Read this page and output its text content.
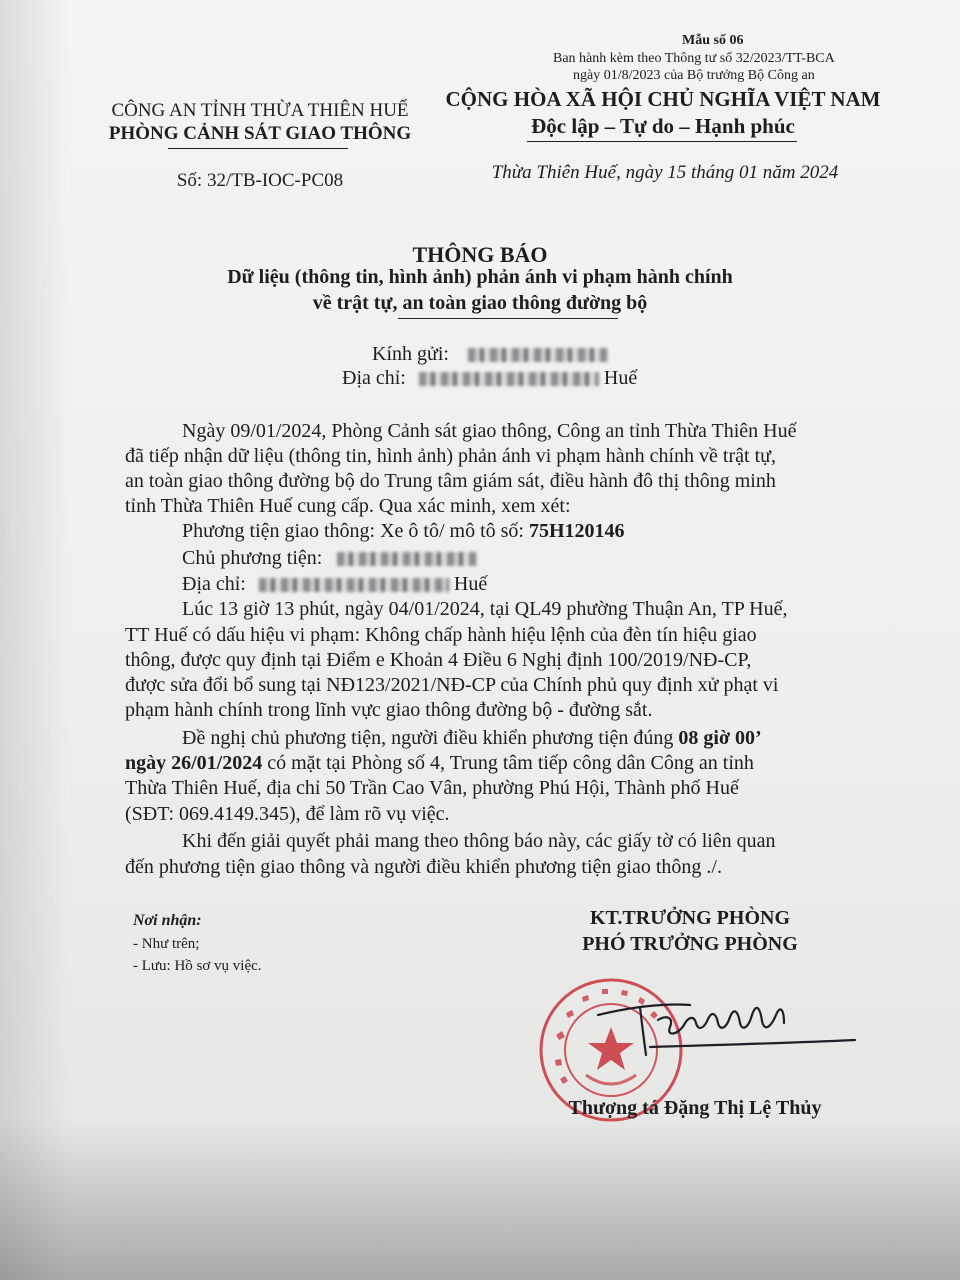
Mẫu số 06
Ban hành kèm theo Thông tư số 32/2023/TT-BCA
ngày 01/8/2023 của Bộ trưởng Bộ Công an
CÔNG AN TỈNH THỪA THIÊN HUẾ
PHÒNG CẢNH SÁT GIAO THÔNG
Số: 32/TB-IOC-PC08
CỘNG HÒA XÃ HỘI CHỦ NGHĨA VIỆT NAM
Độc lập – Tự do – Hạnh phúc
Thừa Thiên Huế, ngày 15 tháng 01 năm 2024
THÔNG BÁO
Dữ liệu (thông tin, hình ảnh) phản ánh vi phạm hành chính
về trật tự, an toàn giao thông đường bộ
Kính gửi:
Địa chỉ:	Huế
Ngày 09/01/2024, Phòng Cảnh sát giao thông, Công an tỉnh Thừa Thiên Huế
đã tiếp nhận dữ liệu (thông tin, hình ảnh) phản ánh vi phạm hành chính về trật tự,
an toàn giao thông đường bộ do Trung tâm giám sát, điều hành đô thị thông minh
tỉnh Thừa Thiên Huế cung cấp. Qua xác minh, xem xét:
Phương tiện giao thông: Xe ô tô/ mô tô số: 75H120146
Chủ phương tiện:
Địa chỉ:	Huế
Lúc 13 giờ 13 phút, ngày 04/01/2024, tại QL49 phường Thuận An, TP Huế,
TT Huế có dấu hiệu vi phạm: Không chấp hành hiệu lệnh của đèn tín hiệu giao
thông, được quy định tại Điểm e Khoản 4 Điều 6 Nghị định 100/2019/NĐ-CP,
được sửa đổi bổ sung tại NĐ123/2021/NĐ-CP của Chính phủ quy định xử phạt vi
phạm hành chính trong lĩnh vực giao thông đường bộ - đường sắt.
Đề nghị chủ phương tiện, người điều khiển phương tiện đúng 08 giờ 00’
ngày 26/01/2024 có mặt tại Phòng số 4, Trung tâm tiếp công dân Công an tỉnh
Thừa Thiên Huế, địa chỉ 50 Trần Cao Vân, phường Phú Hội, Thành phố Huế
(SĐT: 069.4149.345), để làm rõ vụ việc.
Khi đến giải quyết phải mang theo thông báo này, các giấy tờ có liên quan
đến phương tiện giao thông và người điều khiển phương tiện giao thông ./.
Nơi nhận:
- Như trên;
- Lưu: Hồ sơ vụ việc.
KT.TRƯỞNG PHÒNG
PHÓ TRƯỞNG PHÒNG
Thượng tá Đặng Thị Lệ Thủy
